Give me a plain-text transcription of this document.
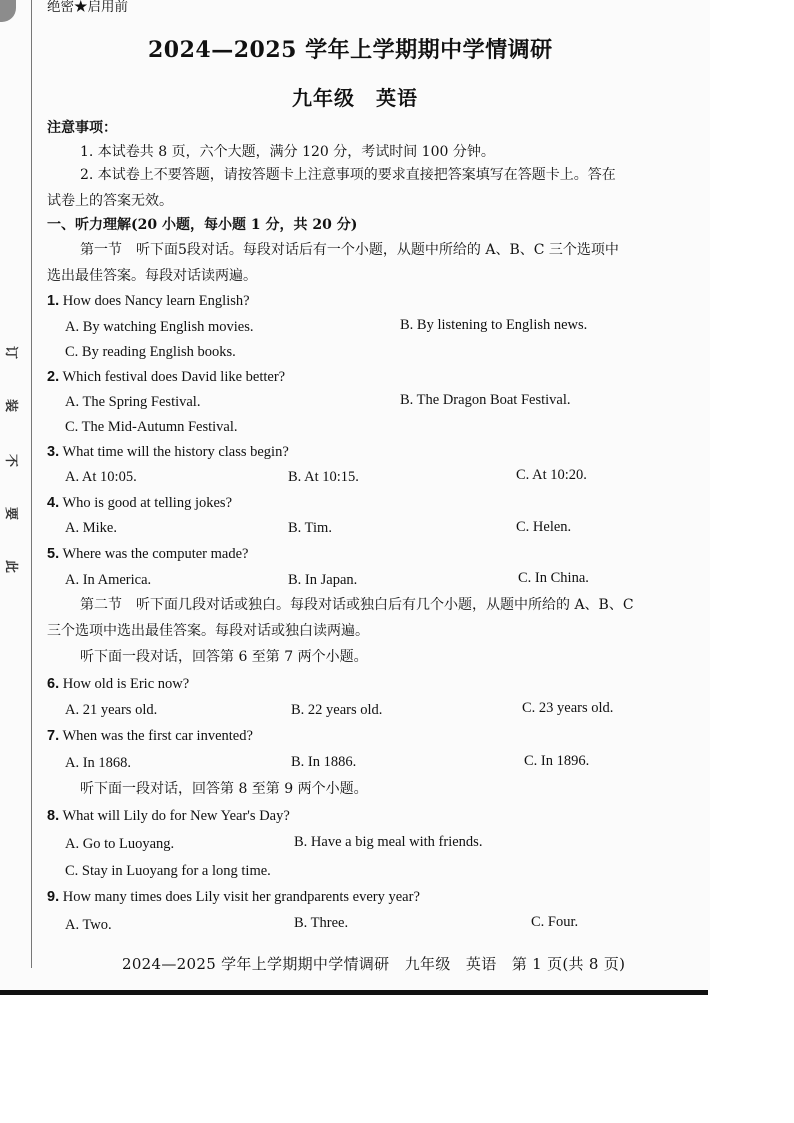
订
装
不
要
此
绝密★启用前
2024—2025 学年上学期期中学情调研
九年级　英语
注意事项：
1. 本试卷共 8 页，六个大题，满分 120 分，考试时间 100 分钟。
2. 本试卷上不要答题，请按答题卡上注意事项的要求直接把答案填写在答题卡上。答在
试卷上的答案无效。
一、听力理解(20 小题，每小题 1 分，共 20 分)
第一节　听下面5段对话。每段对话后有一个小题，从题中所给的 A、B、C 三个选项中
选出最佳答案。每段对话读两遍。
1. How does Nancy learn English?
A. By watching English movies.	B. By listening to English news.
C. By reading English books.
2. Which festival does David like better?
A. The Spring Festival.	B. The Dragon Boat Festival.
C. The Mid-Autumn Festival.
3. What time will the history class begin?
A. At 10:05.	B. At 10:15.	C. At 10:20.
4. Who is good at telling jokes?
A. Mike.	B. Tim.	C. Helen.
5. Where was the computer made?
A. In America.	B. In Japan.	C. In China.
第二节　听下面几段对话或独白。每段对话或独白后有几个小题，从题中所给的 A、B、C
三个选项中选出最佳答案。每段对话或独白读两遍。
听下面一段对话，回答第 6 至第 7 两个小题。
6. How old is Eric now?
A. 21 years old.	B. 22 years old.	C. 23 years old.
7. When was the first car invented?
A. In 1868.	B. In 1886.	C. In 1896.
听下面一段对话，回答第 8 至第 9 两个小题。
8. What will Lily do for New Year's Day?
A. Go to Luoyang.	B. Have a big meal with friends.
C. Stay in Luoyang for a long time.
9. How many times does Lily visit her grandparents every year?
A. Two.	B. Three.	C. Four.
2024—2025 学年上学期期中学情调研　九年级　英语　第 1 页(共 8 页)
